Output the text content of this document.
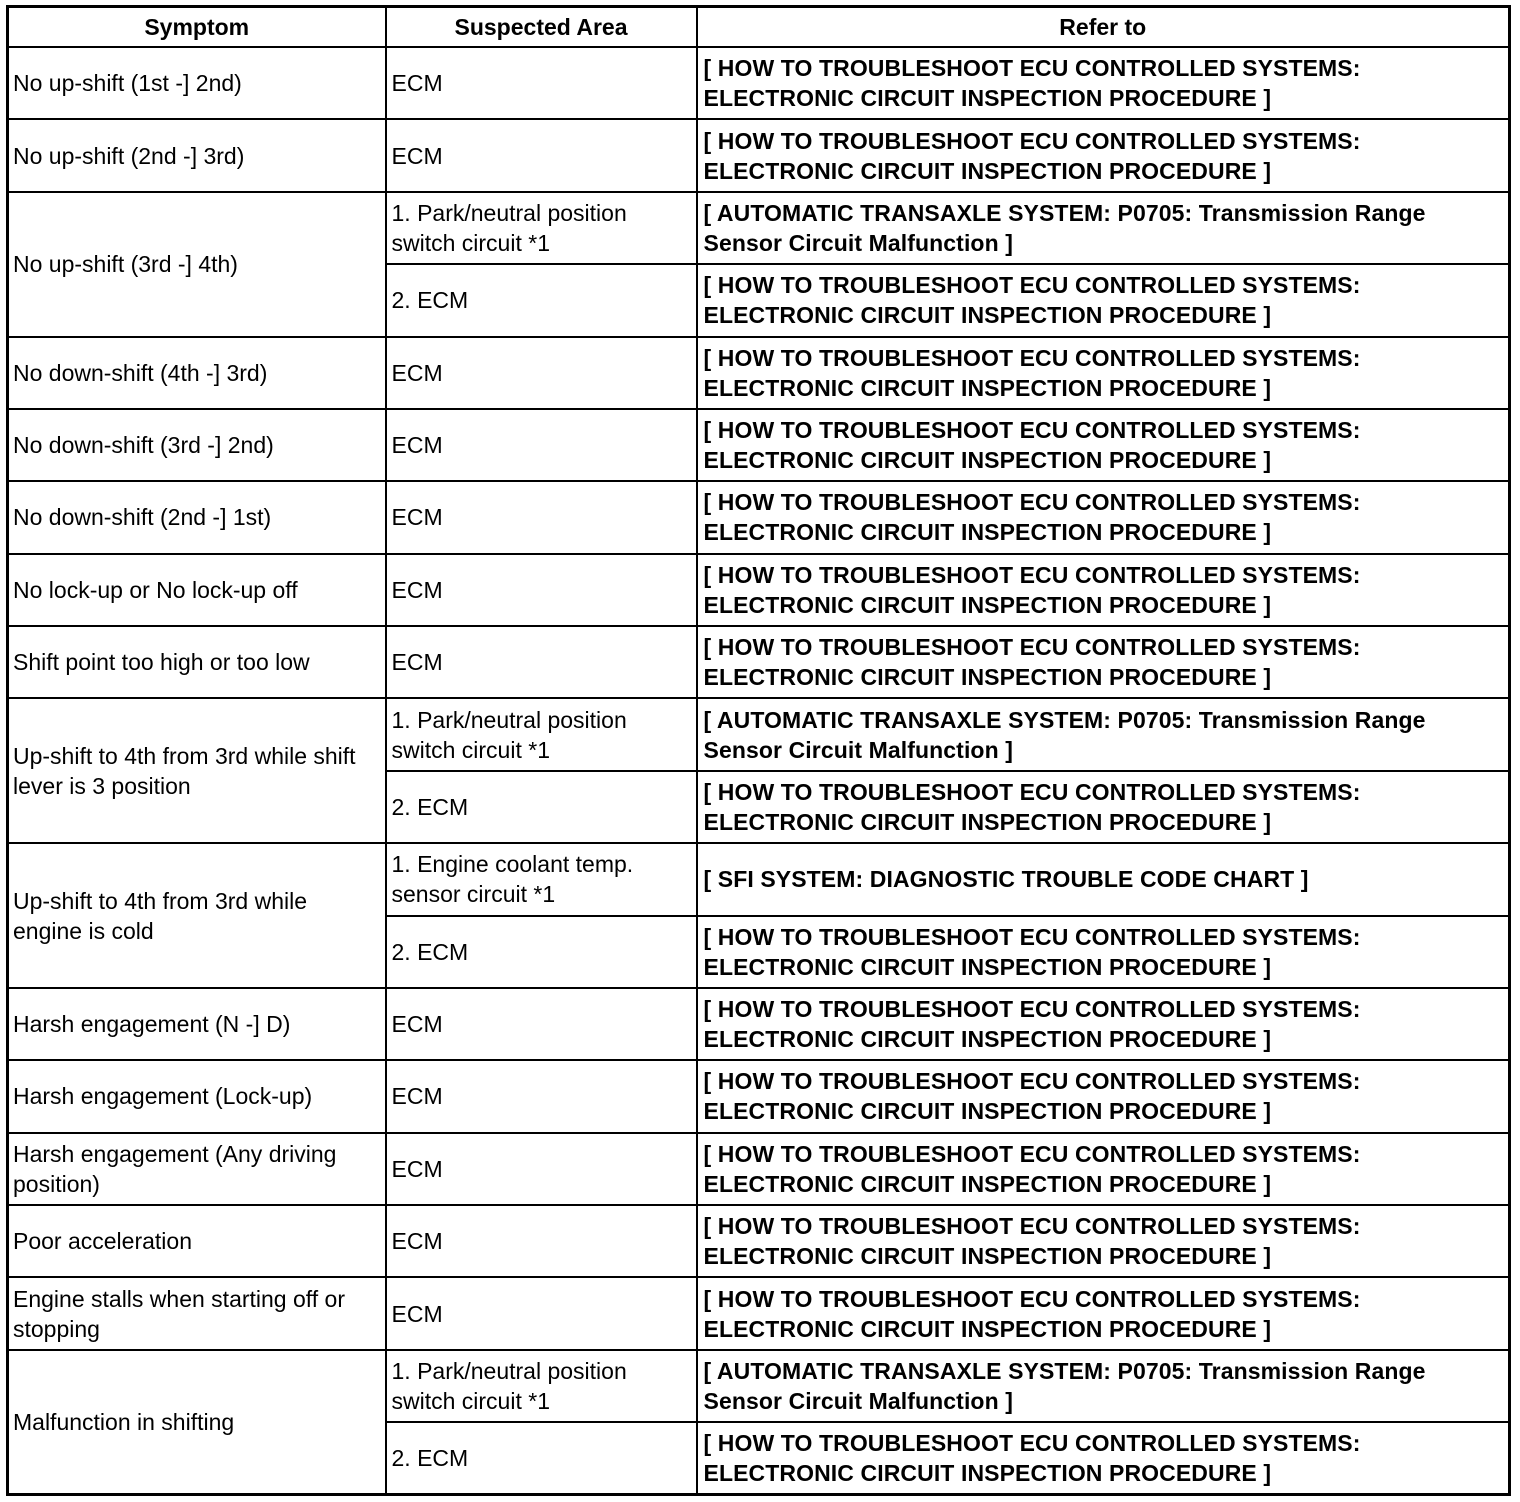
Symptom	Suspected Area	Refer to
No up-shift (1st -] 2nd)	ECM	[ HOW TO TROUBLESHOOT ECU CONTROLLED SYSTEMS: ELECTRONIC CIRCUIT INSPECTION PROCEDURE ]
No up-shift (2nd -] 3rd)	ECM	[ HOW TO TROUBLESHOOT ECU CONTROLLED SYSTEMS: ELECTRONIC CIRCUIT INSPECTION PROCEDURE ]
No up-shift (3rd -] 4th)	1. Park/neutral position switch circuit *1	[ AUTOMATIC TRANSAXLE SYSTEM: P0705: Transmission Range Sensor Circuit Malfunction ]
	2. ECM	[ HOW TO TROUBLESHOOT ECU CONTROLLED SYSTEMS: ELECTRONIC CIRCUIT INSPECTION PROCEDURE ]
No down-shift (4th -] 3rd)	ECM	[ HOW TO TROUBLESHOOT ECU CONTROLLED SYSTEMS: ELECTRONIC CIRCUIT INSPECTION PROCEDURE ]
No down-shift (3rd -] 2nd)	ECM	[ HOW TO TROUBLESHOOT ECU CONTROLLED SYSTEMS: ELECTRONIC CIRCUIT INSPECTION PROCEDURE ]
No down-shift (2nd -] 1st)	ECM	[ HOW TO TROUBLESHOOT ECU CONTROLLED SYSTEMS: ELECTRONIC CIRCUIT INSPECTION PROCEDURE ]
No lock-up or No lock-up off	ECM	[ HOW TO TROUBLESHOOT ECU CONTROLLED SYSTEMS: ELECTRONIC CIRCUIT INSPECTION PROCEDURE ]
Shift point too high or too low	ECM	[ HOW TO TROUBLESHOOT ECU CONTROLLED SYSTEMS: ELECTRONIC CIRCUIT INSPECTION PROCEDURE ]
Up-shift to 4th from 3rd while shift lever is 3 position	1. Park/neutral position switch circuit *1	[ AUTOMATIC TRANSAXLE SYSTEM: P0705: Transmission Range Sensor Circuit Malfunction ]
	2. ECM	[ HOW TO TROUBLESHOOT ECU CONTROLLED SYSTEMS: ELECTRONIC CIRCUIT INSPECTION PROCEDURE ]
Up-shift to 4th from 3rd while engine is cold	1. Engine coolant temp. sensor circuit *1	[ SFI SYSTEM: DIAGNOSTIC TROUBLE CODE CHART ]
	2. ECM	[ HOW TO TROUBLESHOOT ECU CONTROLLED SYSTEMS: ELECTRONIC CIRCUIT INSPECTION PROCEDURE ]
Harsh engagement (N -] D)	ECM	[ HOW TO TROUBLESHOOT ECU CONTROLLED SYSTEMS: ELECTRONIC CIRCUIT INSPECTION PROCEDURE ]
Harsh engagement (Lock-up)	ECM	[ HOW TO TROUBLESHOOT ECU CONTROLLED SYSTEMS: ELECTRONIC CIRCUIT INSPECTION PROCEDURE ]
Harsh engagement (Any driving position)	ECM	[ HOW TO TROUBLESHOOT ECU CONTROLLED SYSTEMS: ELECTRONIC CIRCUIT INSPECTION PROCEDURE ]
Poor acceleration	ECM	[ HOW TO TROUBLESHOOT ECU CONTROLLED SYSTEMS: ELECTRONIC CIRCUIT INSPECTION PROCEDURE ]
Engine stalls when starting off or stopping	ECM	[ HOW TO TROUBLESHOOT ECU CONTROLLED SYSTEMS: ELECTRONIC CIRCUIT INSPECTION PROCEDURE ]
Malfunction in shifting	1. Park/neutral position switch circuit *1	[ AUTOMATIC TRANSAXLE SYSTEM: P0705: Transmission Range Sensor Circuit Malfunction ]
	2. ECM	[ HOW TO TROUBLESHOOT ECU CONTROLLED SYSTEMS: ELECTRONIC CIRCUIT INSPECTION PROCEDURE ]
